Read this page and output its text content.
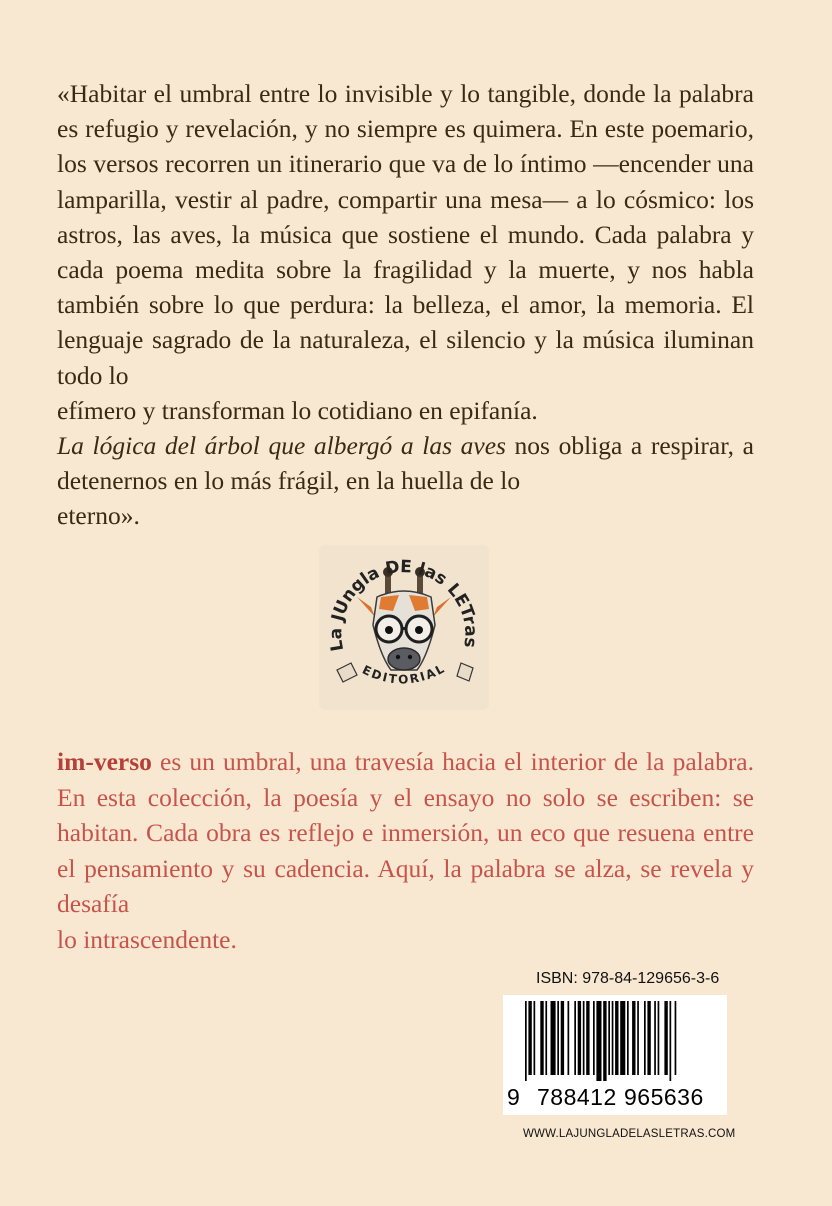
«Habitar el umbral entre lo invisible y lo tangible, donde la palabra es refugio y revelación, y no siempre es quimera. En este poemario, los versos recorren un itinerario que va de lo íntimo —encender una lamparilla, vestir al padre, compartir una mesa— a lo cósmico: los astros, las aves, la música que sostiene el mundo. Cada palabra y cada poema medita sobre la fragilidad y la muerte, y nos habla también sobre lo que perdura: la belleza, el amor, la memoria. El lenguaje sagrado de la naturaleza, el silencio y la música iluminan todo lo

efímero y transforman lo cotidiano en epifanía.

La lógica del árbol que albergó a las aves nos obliga a respirar, a detenernos en lo más frágil, en la huella de lo

eterno».

La JUngla DE las LETras
EDITORIAL

im-verso es un umbral, una travesía hacia el interior de la palabra. En esta colección, la poesía y el ensayo no solo se escriben: se habitan. Cada obra es reflejo e inmersión, un eco que resuena entre el pensamiento y su cadencia. Aquí, la palabra se alza, se revela y desafía

lo intrascendente.

ISBN: 978-84-129656-3-6
9 788412 965636
WWW.LAJUNGLADELASLETRAS.COM
